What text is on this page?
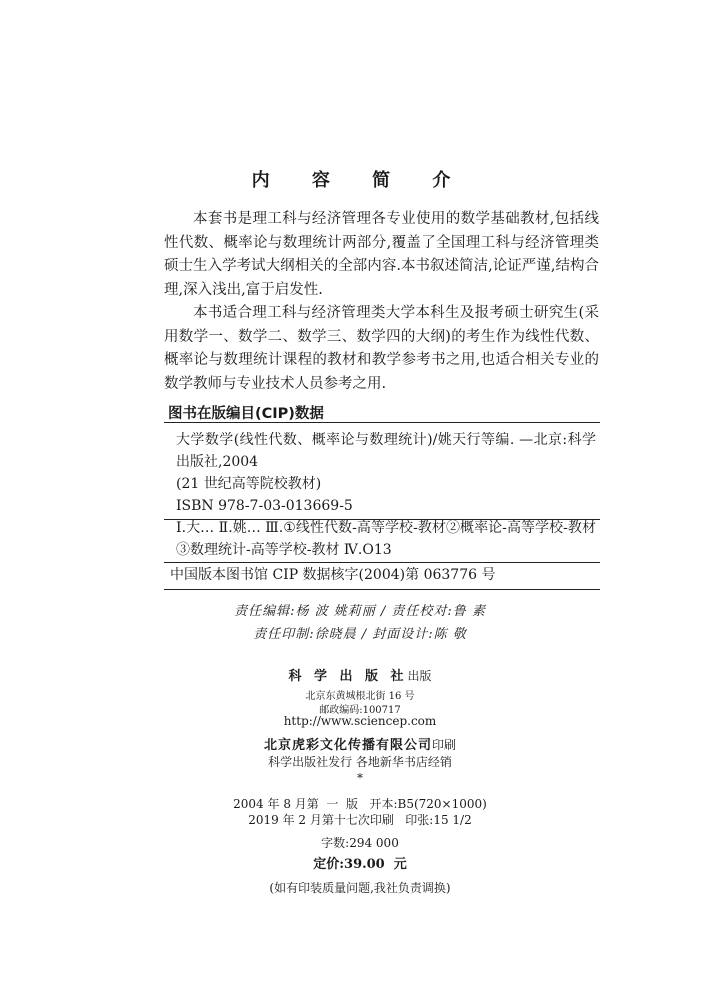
内 容 简 介
本套书是理工科与经济管理各专业使用的数学基础教材,包括线性代数、概率论与数理统计两部分,覆盖了全国理工科与经济管理类硕士生入学考试大纲相关的全部内容.本书叙述简洁,论证严谨,结构合理,深入浅出,富于启发性.
本书适合理工科与经济管理类大学本科生及报考硕士研究生(采用数学一、数学二、数学三、数学四的大纲)的考生作为线性代数、概率论与数理统计课程的教材和教学参考书之用,也适合相关专业的数学教师与专业技术人员参考之用.
图书在版编目(CIP)数据
大学数学(线性代数、概率论与数理统计)/姚天行等编. —北京:科学出版社,2004
(21 世纪高等院校教材)
ISBN 978-7-03-013669-5
Ⅰ.大… Ⅱ.姚… Ⅲ.①线性代数-高等学校-教材②概率论-高等学校-教材③数理统计-高等学校-教材 Ⅳ.O13
中国版本图书馆 CIP 数据核字(2004)第 063776 号
责任编辑:杨 波 姚莉丽 / 责任校对:鲁 素
责任印制:徐晓晨 / 封面设计:陈 敬
科 学 出 版 社出版
北京东黄城根北街 16 号
邮政编码:100717
http://www.sciencep.com
北京虎彩文化传播有限公司印刷
科学出版社发行 各地新华书店经销
*
2004 年 8 月第  一  版   开本:B5(720×1000)
2019 年 2 月第十七次印刷   印张:15 1/2
字数:294 000
定价:39.00  元
(如有印装质量问题,我社负责调换)
